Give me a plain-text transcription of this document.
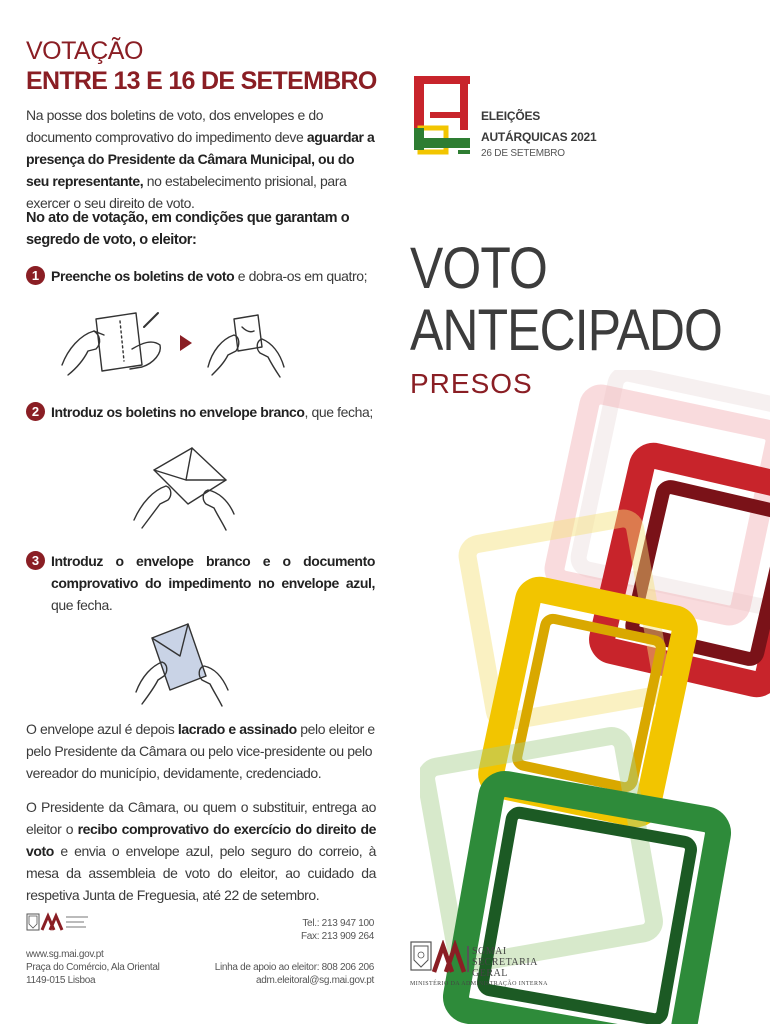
VOTAÇÃO
ENTRE 13 E 16 DE SETEMBRO
Na posse dos boletins de voto, dos envelopes e do documento comprovativo do impedimento deve aguardar a presença do Presidente da Câmara Municipal, ou do seu representante, no estabelecimento prisional, para exercer o seu direito de voto.
No ato de votação, em condições que garantam o segredo de voto, o eleitor:
1 Preenche os boletins de voto e dobra-os em quatro;
2 Introduz os boletins no envelope branco, que fecha;
3 Introduz o envelope branco e o documento comprovativo do impedimento no envelope azul, que fecha.
O envelope azul é depois lacrado e assinado pelo eleitor e pelo Presidente da Câmara ou pelo vice-presidente ou pelo vereador do município, devidamente, credenciado.
O Presidente da Câmara, ou quem o substituir, entrega ao eleitor o recibo comprovativo do exercício do direito de voto e envia o envelope azul, pelo seguro do correio, à mesa da assembleia de voto do eleitor, ao cuidado da respetiva Junta de Freguesia, até 22 de setembro.
www.sg.mai.gov.pt
Praça do Comércio, Ala Oriental
1149-015 Lisboa
Tel.: 213 947 100
Fax: 213 909 264
Linha de apoio ao eleitor: 808 206 206
adm.eleitoral@sg.mai.gov.pt
ELEIÇÕES
AUTÁRQUICAS 2021
26 DE SETEMBRO
VOTO
ANTECIPADO
PRESOS
SGMAI
SECRETARIA
GERAL
MINISTÉRIO DA ADMINISTRAÇÃO INTERNA
